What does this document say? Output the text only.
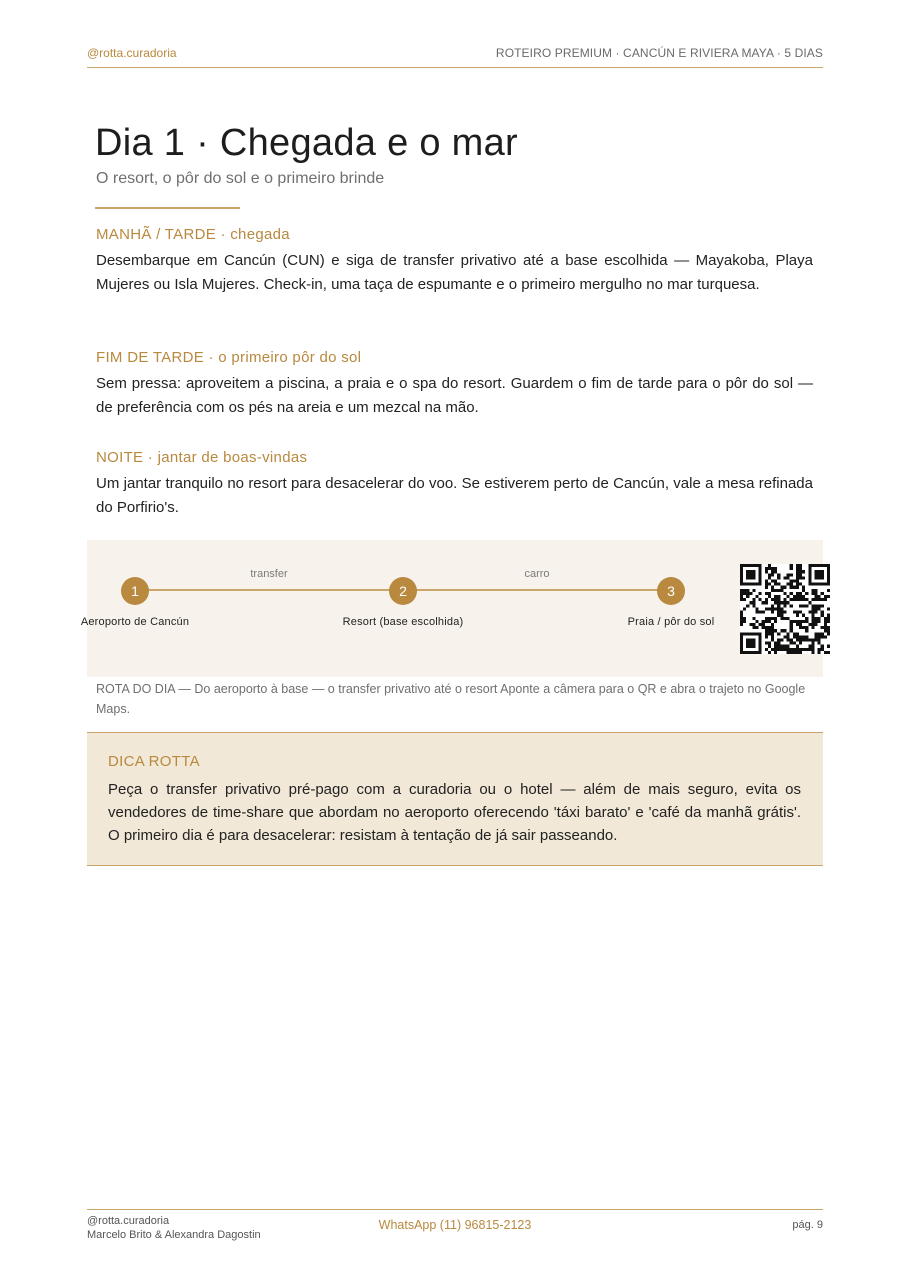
@rotta.curadoria	ROTEIRO PREMIUM · CANCÚN E RIVIERA MAYA · 5 DIAS
Dia 1 · Chegada e o mar
O resort, o pôr do sol e o primeiro brinde
MANHÃ / TARDE · chegada

Desembarque em Cancún (CUN) e siga de transfer privativo até a base escolhida — Mayakoba, Playa Mujeres ou Isla Mujeres. Check-in, uma taça de espumante e o primeiro mergulho no mar turquesa.

FIM DE TARDE · o primeiro pôr do sol

Sem pressa: aproveitem a piscina, a praia e o spa do resort. Guardem o fim de tarde para o pôr do sol — de preferência com os pés na areia e um mezcal na mão.

NOITE · jantar de boas-vindas

Um jantar tranquilo no resort para desacelerar do voo. Se estiverem perto de Cancún, vale a mesa refinada do Porfirio's.

transfer	carro
1	2	3
Aeroporto de Cancún	Resort (base escolhida)	Praia / pôr do sol
ROTA DO DIA — Do aeroporto à base — o transfer privativo até o resort Aponte a câmera para o QR e abra o trajeto no Google Maps.
DICA ROTTA

Peça o transfer privativo pré-pago com a curadoria ou o hotel — além de mais seguro, evita os vendedores de time-share que abordam no aeroporto oferecendo 'táxi barato' e 'café da manhã grátis'. O primeiro dia é para desacelerar: resistam à tentação de já sair passeando.

@rotta.curadoria
Marcelo Brito & Alexandra Dagostin
WhatsApp (11) 96815-2123	pág. 9
